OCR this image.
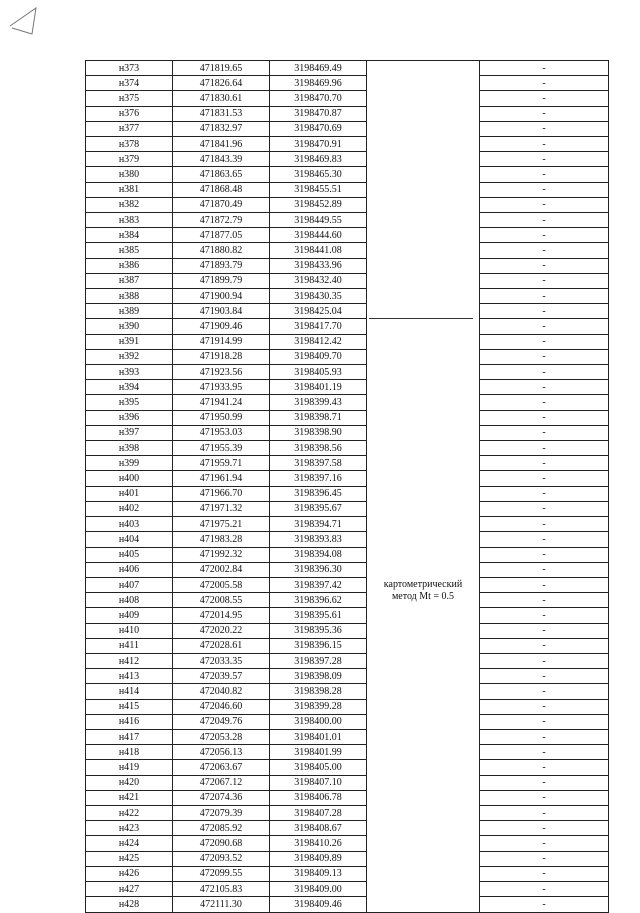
н373	471819.65	3198469.49	картометрический
метод Mt = 0.5	-
н374	471826.64	3198469.96		-
н375	471830.61	3198470.70		-
н376	471831.53	3198470.87		-
н377	471832.97	3198470.69		-
н378	471841.96	3198470.91		-
н379	471843.39	3198469.83		-
н380	471863.65	3198465.30		-
н381	471868.48	3198455.51		-
н382	471870.49	3198452.89		-
н383	471872.79	3198449.55		-
н384	471877.05	3198444.60		-
н385	471880.82	3198441.08		-
н386	471893.79	3198433.96		-
н387	471899.79	3198432.40		-
н388	471900.94	3198430.35		-
н389	471903.84	3198425.04		-
н390	471909.46	3198417.70		-
н391	471914.99	3198412.42		-
н392	471918.28	3198409.70		-
н393	471923.56	3198405.93		-
н394	471933.95	3198401.19		-
н395	471941.24	3198399.43		-
н396	471950.99	3198398.71		-
н397	471953.03	3198398.90		-
н398	471955.39	3198398.56		-
н399	471959.71	3198397.58		-
н400	471961.94	3198397.16		-
н401	471966.70	3198396.45		-
н402	471971.32	3198395.67		-
н403	471975.21	3198394.71		-
н404	471983.28	3198393.83		-
н405	471992.32	3198394.08		-
н406	472002.84	3198396.30		-
н407	472005.58	3198397.42		-
н408	472008.55	3198396.62		-
н409	472014.95	3198395.61		-
н410	472020.22	3198395.36		-
н411	472028.61	3198396.15		-
н412	472033.35	3198397.28		-
н413	472039.57	3198398.09		-
н414	472040.82	3198398.28		-
н415	472046.60	3198399.28		-
н416	472049.76	3198400.00		-
н417	472053.28	3198401.01		-
н418	472056.13	3198401.99		-
н419	472063.67	3198405.00		-
н420	472067.12	3198407.10		-
н421	472074.36	3198406.78		-
н422	472079.39	3198407.28		-
н423	472085.92	3198408.67		-
н424	472090.68	3198410.26		-
н425	472093.52	3198409.89		-
н426	472099.55	3198409.13		-
н427	472105.83	3198409.00		-
н428	472111.30	3198409.46		-
